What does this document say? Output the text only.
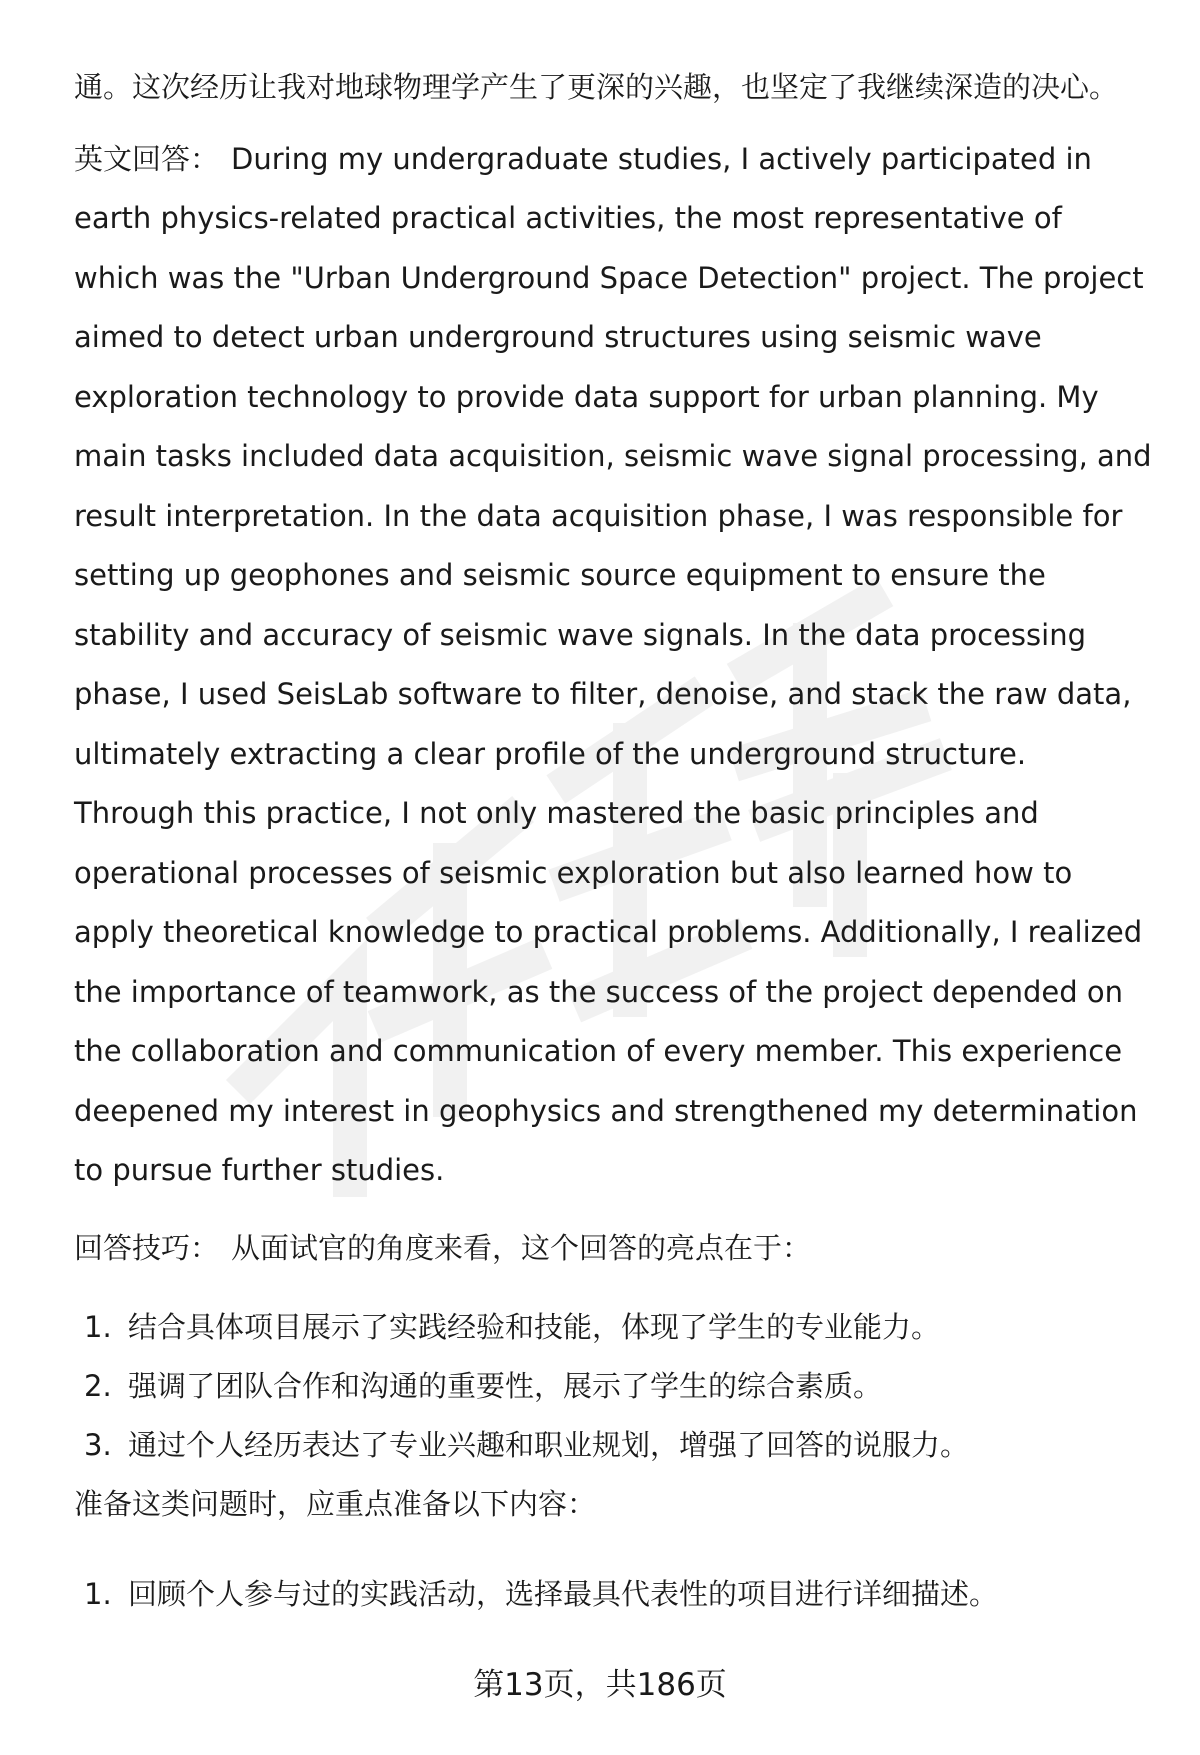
通。这次经历让我对地球物理学产生了更深的兴趣，也坚定了我继续深造的决心。

英文回答： During my undergraduate studies, I actively participated in earth physics-related practical activities, the most representative of which was the "Urban Underground Space Detection" project. The project aimed to detect urban underground structures using seismic wave exploration technology to provide data support for urban planning. My main tasks included data acquisition, seismic wave signal processing, and result interpretation. In the data acquisition phase, I was responsible for setting up geophones and seismic source equipment to ensure the stability and accuracy of seismic wave signals. In the data processing phase, I used SeisLab software to filter, denoise, and stack the raw data, ultimately extracting a clear profile of the underground structure. Through this practice, I not only mastered the basic principles and operational processes of seismic exploration but also learned how to apply theoretical knowledge to practical problems. Additionally, I realized the importance of teamwork, as the success of the project depended on the collaboration and communication of every member. This experience deepened my interest in geophysics and strengthened my determination to pursue further studies.

回答技巧： 从面试官的角度来看，这个回答的亮点在于：

1. 结合具体项目展示了实践经验和技能，体现了学生的专业能力。
2. 强调了团队合作和沟通的重要性，展示了学生的综合素质。
3. 通过个人经历表达了专业兴趣和职业规划，增强了回答的说服力。

准备这类问题时，应重点准备以下内容：

1. 回顾个人参与过的实践活动，选择最具代表性的项目进行详细描述。
第13页，共186页
